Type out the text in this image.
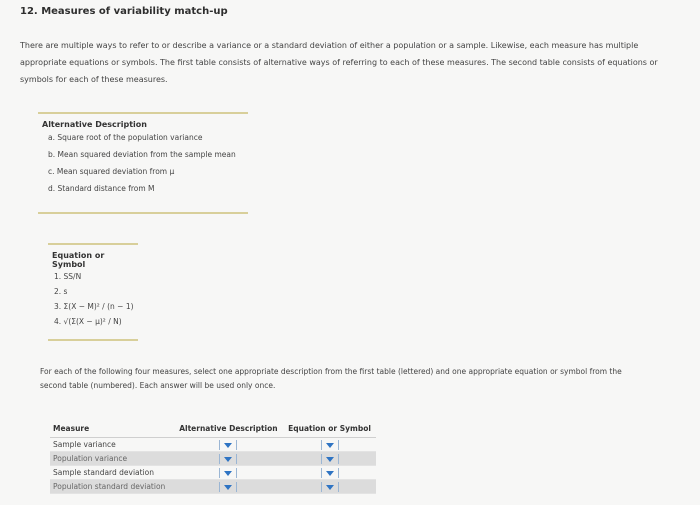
12. Measures of variability match-up
There are multiple ways to refer to or describe a variance or a standard deviation of either a population or a sample. Likewise, each measure has multiple appropriate equations or symbols. The first table consists of alternative ways of referring to each of these measures. The second table consists of equations or symbols for each of these measures.
Alternative Description
a. Square root of the population variance
b. Mean squared deviation from the sample mean
c. Mean squared deviation from μ
d. Standard distance from M
Equation or Symbol
1. SS/N
2. s
3. Σ(X − M)² / (n − 1)
4. √(Σ(X − μ)² / N)
For each of the following four measures, select one appropriate description from the first table (lettered) and one appropriate equation or symbol from the second table (numbered). Each answer will be used only once.
Measure	Alternative Description	Equation or Symbol
Sample variance		
Population variance		
Sample standard deviation		
Population standard deviation		
